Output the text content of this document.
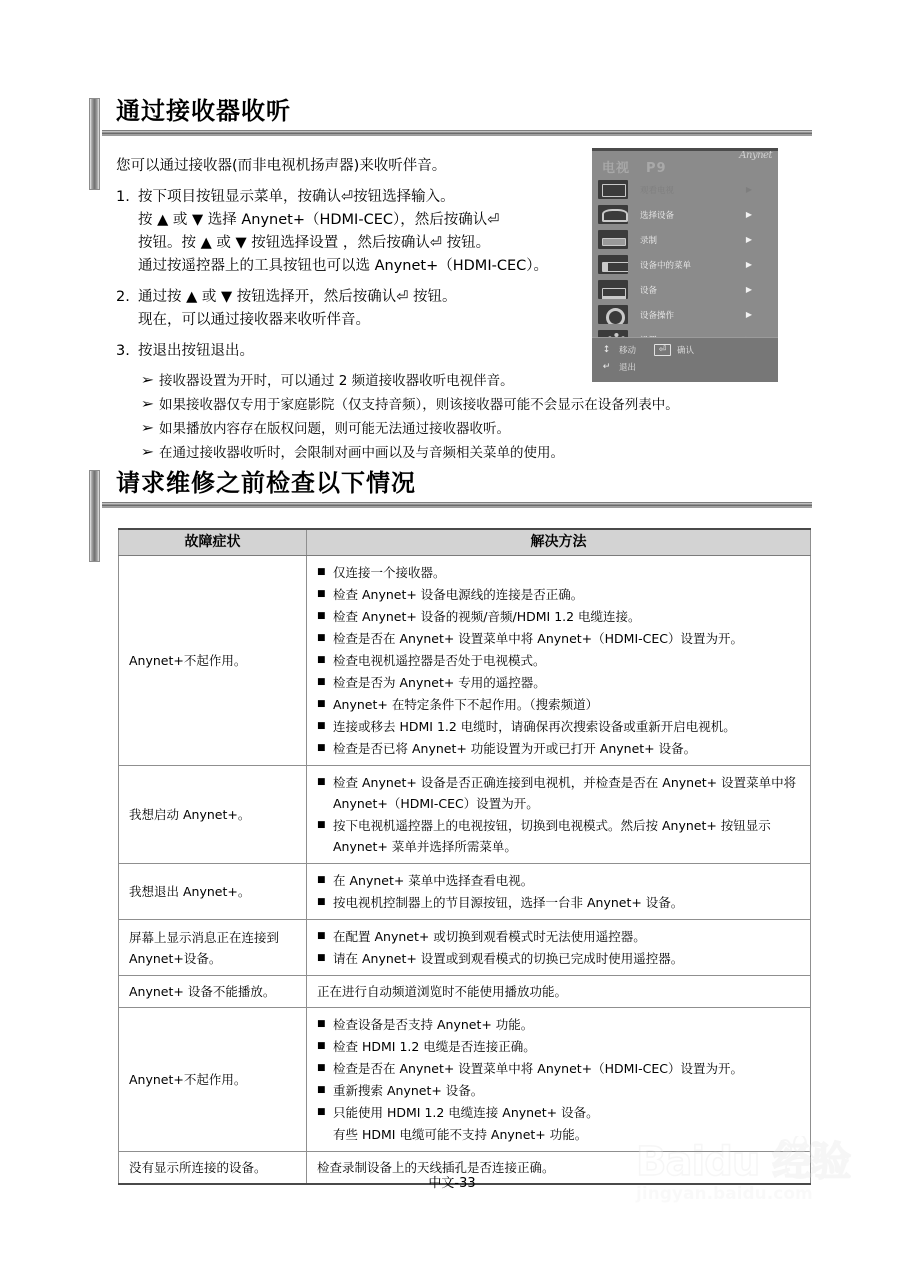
通过接收器收听

您可以通过接收器(而非电视机扬声器)来收听伴音。

1. 按下项目按钮显示菜单，按确认⏎按钮选择输入。
按 ▲ 或 ▼ 选择 Anynet+（HDMI-CEC），然后按确认⏎
按钮。按 ▲ 或 ▼ 按钮选择设置 ，然后按确认⏎ 按钮。
通过按遥控器上的工具按钮也可以选 Anynet+（HDMI-CEC）。
2. 通过按 ▲ 或 ▼ 按钮选择开，然后按确认⏎ 按钮。
现在，可以通过接收器来收听伴音。
3. 按退出按钮退出。
➢ 接收器设置为开时，可以通过 2 频道接收器收听电视伴音。
➢ 如果接收器仅专用于家庭影院（仅支持音频），则该接收器可能不会显示在设备列表中。
➢ 如果播放内容存在版权问题，则可能无法通过接收器收听。
➢ 在通过接收器收听时，会限制对画中画以及与音频相关菜单的使用。
Anynet
电视 P9
观看电视	▶
选择设备	▶
录制	▶
设备中的菜单	▶
设备	▶
设备操作	▶
↕	移动	⏎	确认
↵	退出
请求维修之前检查以下情况
故障症状	解决方法
Anynet+不起作用。	
■ 仅连接一个接收器。
■ 检查 Anynet+ 设备电源线的连接是否正确。
■ 检查 Anynet+ 设备的视频/音频/HDMI 1.2 电缆连接。
■ 检查是否在 Anynet+ 设置菜单中将 Anynet+（HDMI-CEC）设置为开。
■ 检查电视机遥控器是否处于电视模式。
■ 检查是否为 Anynet+ 专用的遥控器。
■ Anynet+ 在特定条件下不起作用。（搜索频道）
■ 连接或移去 HDMI 1.2 电缆时，请确保再次搜索设备或重新开启电视机。
■ 检查是否已将 Anynet+ 功能设置为开或已打开 Anynet+ 设备。

我想启动 Anynet+。	
■ 检查 Anynet+ 设备是否正确连接到电视机，并检查是否在 Anynet+ 设置菜单中将 Anynet+（HDMI-CEC）设置为开。
■ 按下电视机遥控器上的电视按钮，切换到电视模式。然后按 Anynet+ 按钮显示 Anynet+ 菜单并选择所需菜单。

我想退出 Anynet+。	
■ 在 Anynet+ 菜单中选择查看电视。
■ 按电视机控制器上的节目源按钮，选择一台非 Anynet+ 设备。

屏幕上显示消息正在连接到 Anynet+设备。	
■ 在配置 Anynet+ 或切换到观看模式时无法使用遥控器。
■ 请在 Anynet+ 设置或到观看模式的切换已完成时使用遥控器。

Anynet+ 设备不能播放。	正在进行自动频道浏览时不能使用播放功能。

Anynet+不起作用。	
■ 检查设备是否支持 Anynet+ 功能。
■ 检查 HDMI 1.2 电缆是否连接正确。
■ 检查是否在 Anynet+ 设置菜单中将 Anynet+（HDMI-CEC）设置为开。
■ 重新搜索 Anynet+ 设备。
■ 只能使用 HDMI 1.2 电缆连接 Anynet+ 设备。
有些 HDMI 电缆可能不支持 Anynet+ 功能。

没有显示所连接的设备。	检查录制设备上的天线插孔是否连接正确。

中文-33	Baidu 经验
jingyan.baidu.com
